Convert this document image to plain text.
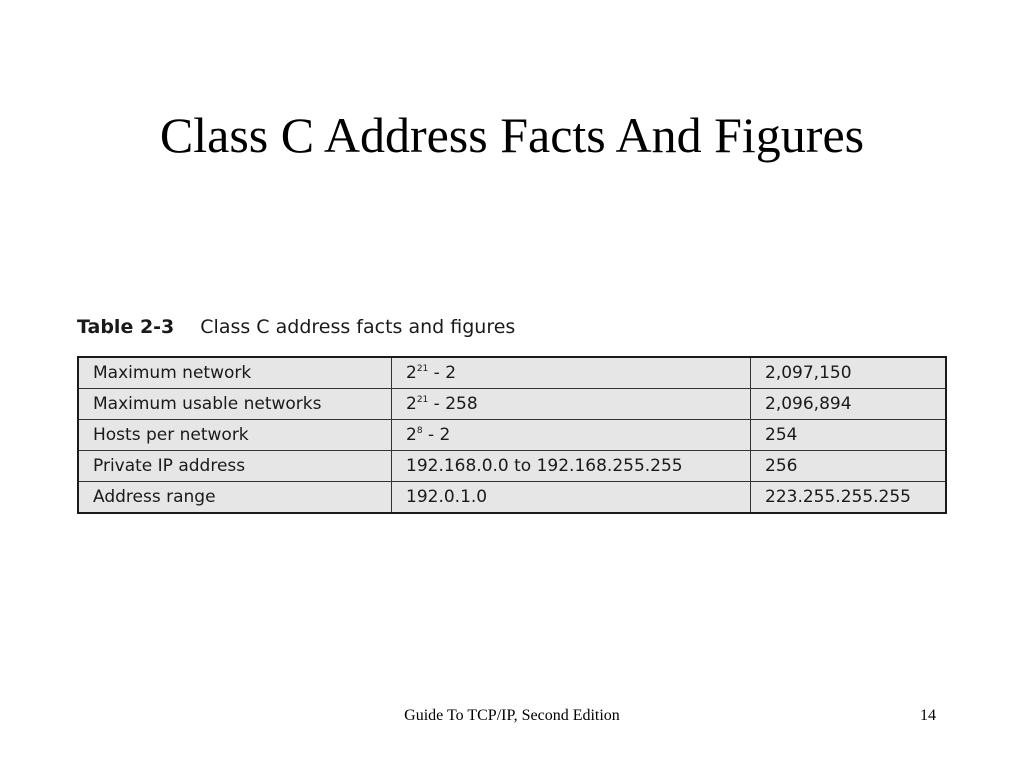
Class C Address Facts And Figures
Table 2-3 Class C address facts and figures
Maximum network	$2^{21} - 2$	2,097,150
Maximum usable networks	$2^{21} - 258$	2,096,894
Hosts per network	$2^8 - 2$	254
Private IP address	192.168.0.0 to 192.168.255.255	256
Address range	192.0.1.0	223.255.255.255
Guide To TCP/IP, Second Edition	14
